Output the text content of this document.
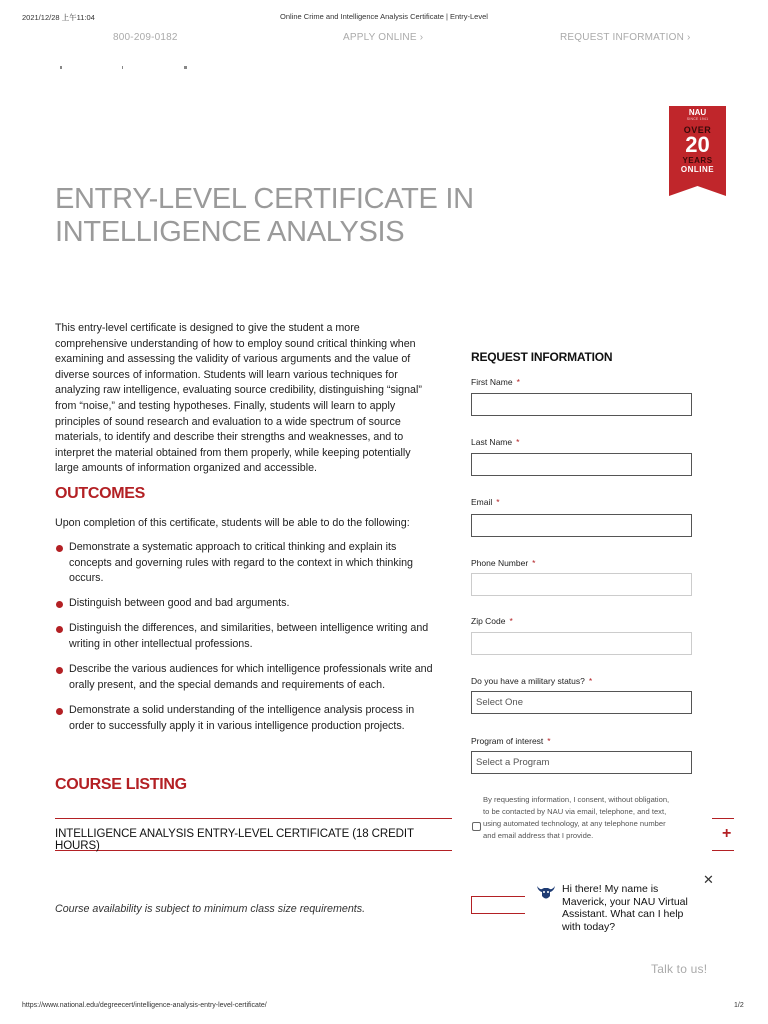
2021/12/28 上午11:04	Online Crime and Intelligence Analysis Certificate | Entry-Level
800-209-0182	APPLY ONLINE ›	REQUEST INFORMATION ›
NAU
SINCE 1941
OVER
20
YEARS
ONLINE
ENTRY-LEVEL CERTIFICATE IN INTELLIGENCE ANALYSIS

This entry-level certificate is designed to give the student a more comprehensive understanding of how to employ sound critical thinking when examining and assessing the validity of various arguments and the value of diverse sources of information. Students will learn various techniques for analyzing raw intelligence, evaluating source credibility, distinguishing “signal” from “noise,” and testing hypotheses. Finally, students will learn to apply principles of sound research and evaluation to a wide spectrum of source materials, to identify and describe their strengths and weaknesses, and to interpret the material obtained from them properly, while keeping potentially large amounts of information organized and accessible.

OUTCOMES

Upon completion of this certificate, students will be able to do the following:

Demonstrate a systematic approach to critical thinking and explain its concepts and governing rules with regard to the context in which thinking occurs.
Distinguish between good and bad arguments.
Distinguish the differences, and similarities, between intelligence writing and writing in other intellectual professions.
Describe the various audiences for which intelligence professionals write and orally present, and the special demands and requirements of each.
Demonstrate a solid understanding of the intelligence analysis process in order to successfully apply it in various intelligence production projects.
COURSE LISTING
INTELLIGENCE ANALYSIS ENTRY-LEVEL CERTIFICATE (18 CREDIT HOURS)
+

Course availability is subject to minimum class size requirements.

REQUEST INFORMATION
First Name *
Last Name *
Email *
Phone Number *
Zip Code *
Do you have a military status? *
Select One
Program of interest *
Select a Program

By requesting information, I consent, without obligation, to be contacted by NAU via email, telephone, and text, using automated technology, at any telephone number and email address that I provide.

Hi there! My name is Maverick, your NAU Virtual Assistant. What can I help with today?

✕
Talk to us!
https://www.national.edu/degreecert/intelligence-analysis-entry-level-certificate/	1/2
